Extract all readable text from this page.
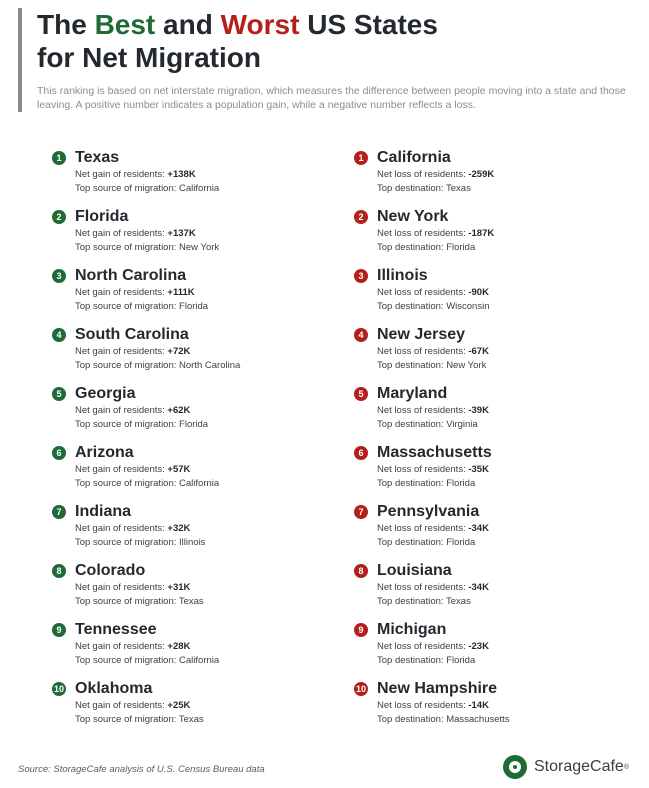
The Best and Worst US States
for Net Migration
This ranking is based on net interstate migration, which measures the difference between people moving into a state and those leaving. A positive number indicates a population gain, while a negative number reflects a loss.
1 Texas
Net gain of residents: +138K
Top source of migration: California
2 Florida
Net gain of residents: +137K
Top source of migration: New York
3 North Carolina
Net gain of residents: +111K
Top source of migration: Florida
4 South Carolina
Net gain of residents: +72K
Top source of migration: North Carolina
5 Georgia
Net gain of residents: +62K
Top source of migration: Florida
6 Arizona
Net gain of residents: +57K
Top source of migration: California
7 Indiana
Net gain of residents: +32K
Top source of migration: Illinois
8 Colorado
Net gain of residents: +31K
Top source of migration: Texas
9 Tennessee
Net gain of residents: +28K
Top source of migration: California
10 Oklahoma
Net gain of residents: +25K
Top source of migration: Texas
1 California
Net loss of residents: -259K
Top destination: Texas
2 New York
Net loss of residents: -187K
Top destination: Florida
3 Illinois
Net loss of residents: -90K
Top destination: Wisconsin
4 New Jersey
Net loss of residents: -67K
Top destination: New York
5 Maryland
Net loss of residents: -39K
Top destination: Virginia
6 Massachusetts
Net loss of residents: -35K
Top destination: Florida
7 Pennsylvania
Net loss of residents: -34K
Top destination: Florida
8 Louisiana
Net loss of residents: -34K
Top destination: Texas
9 Michigan
Net loss of residents: -23K
Top destination: Florida
10 New Hampshire
Net loss of residents: -14K
Top destination: Massachusetts
Source: StorageCafe analysis of U.S. Census Bureau data	StorageCafe ®
